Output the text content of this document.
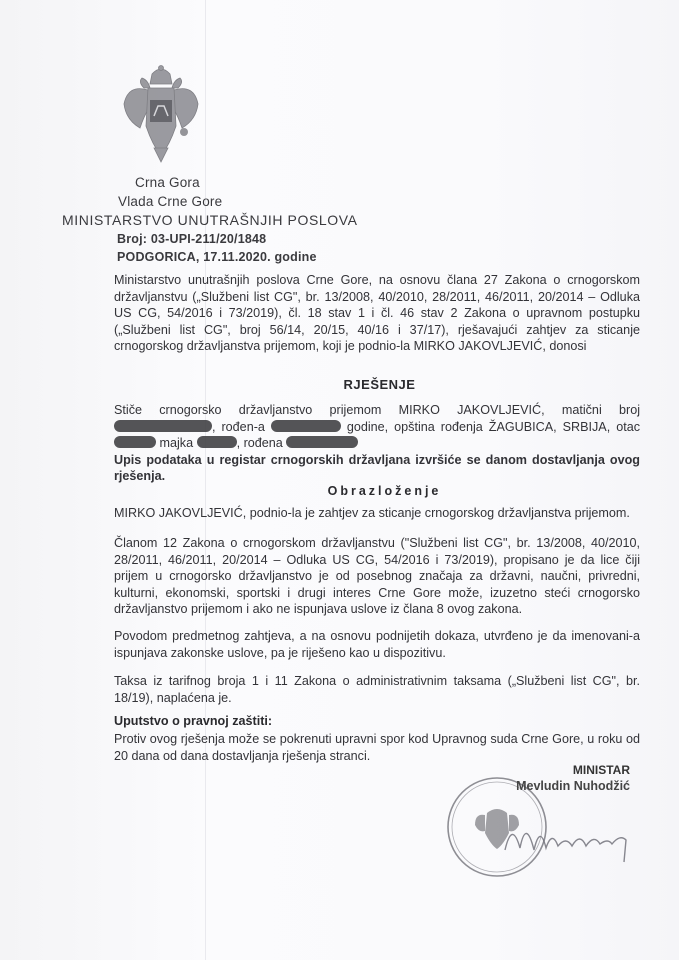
Crna Gora
Vlada Crne Gore
MINISTARSTVO UNUTRAŠNJIH POSLOVA
Broj: 03-UPI-211/20/1848
PODGORICA, 17.11.2020. godine
Ministarstvo unutrašnjih poslova Crne Gore, na osnovu člana 27 Zakona o crnogorskom državljanstvu („Službeni list CG", br. 13/2008, 40/2010, 28/2011, 46/2011, 20/2014 – Odluka US CG, 54/2016 i 73/2019), čl. 18 stav 1 i čl. 46 stav 2 Zakona o upravnom postupku („Službeni list CG", broj 56/14, 20/15, 40/16 i 37/17), rješavajući zahtjev za sticanje crnogorskog državljanstva prijemom, koji je podnio-la MIRKO JAKOVLJEVIĆ, donosi
RJEŠENJE
Stiče crnogorsko državljanstvo prijemom MIRKO JAKOVLJEVIĆ, matični broj , rođen-a	godine, opština rođenja ŽAGUBICA, SRBIJA, otac majka	, rođena
Upis podataka u registar crnogorskih državljana izvršiće se danom dostavljanja ovog rješenja.
Obrazloženje
MIRKO JAKOVLJEVIĆ, podnio-la je zahtjev za sticanje crnogorskog državljanstva prijemom.
Članom 12 Zakona o crnogorskom državljanstvu ("Službeni list CG", br. 13/2008, 40/2010, 28/2011, 46/2011, 20/2014 – Odluka US CG, 54/2016 i 73/2019), propisano je da lice čiji prijem u crnogorsko državljanstvo je od posebnog značaja za državni, naučni, privredni, kulturni, ekonomski, sportski i drugi interes Crne Gore može, izuzetno steći crnogorsko državljanstvo prijemom i ako ne ispunjava uslove iz člana 8 ovog zakona.
Povodom predmetnog zahtjeva, a na osnovu podnijetih dokaza, utvrđeno je da imenovani-a ispunjava zakonske uslove, pa je riješeno kao u dispozitivu.
Taksa iz tarifnog broja 1 i 11 Zakona o administrativnim taksama („Službeni list CG", br. 18/19), naplaćena je.
Uputstvo o pravnoj zaštiti:
Protiv ovog rješenja može se pokrenuti upravni spor kod Upravnog suda Crne Gore, u roku od 20 dana od dana dostavljanja rješenja stranci.
MINISTAR
Mevludin Nuhodžić
